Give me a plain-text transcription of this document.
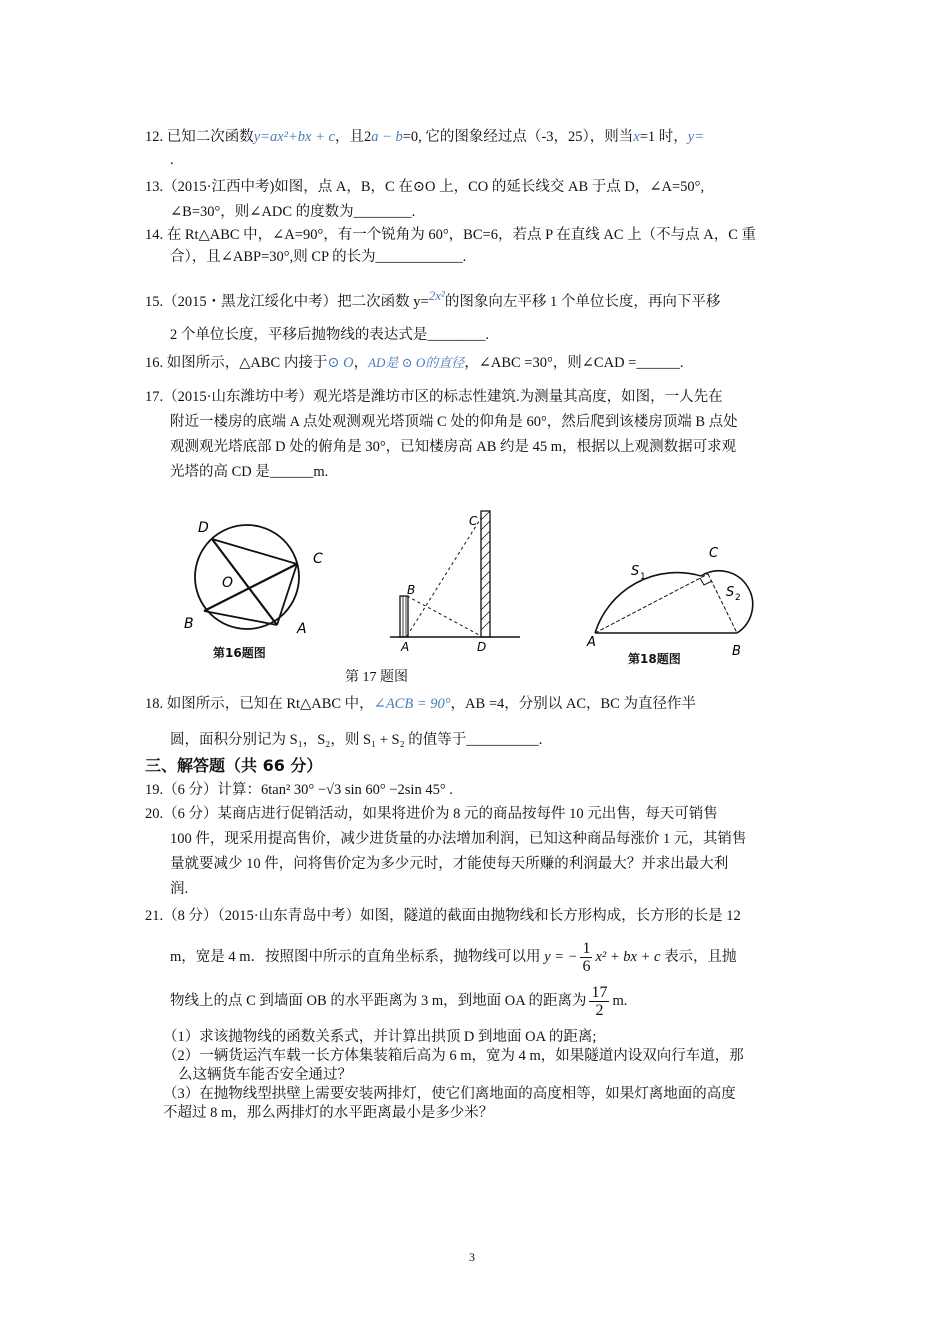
12. 已知二次函数y=ax²+bx + c，且2a − b=0, 它的图象经过点（-3，25），则当x=1 时，y=
.
13.（2015·江西中考)如图，点 A，B，C 在⊙O 上，CO 的延长线交 AB 于点 D，∠A=50°,
∠B=30°，则∠ADC 的度数为________.
14. 在 Rt△ABC 中，∠A=90°，有一个锐角为 60°，BC=6，若点 P 在直线 AC 上（不与点 A，C 重
合），且∠ABP=30°,则 CP 的长为____________.
15.（2015・黑龙江绥化中考）把二次函数 y=$^{2x^2}$的图象向左平移 1 个单位长度，再向下平移
2 个单位长度，平移后抛物线的表达式是________.
16. 如图所示，△ABC 内接于⊙ O，AD是 ⊙ O的直径，∠ABC =30°，则∠CAD =______.
17.（2015·山东潍坊中考）观光塔是潍坊市区的标志性建筑.为测量其高度，如图，一人先在
附近一楼房的底端 A 点处观测观光塔顶端 C 处的仰角是 60°，然后爬到该楼房顶端 B 点处
观测观光塔底部 D 处的俯角是 30°，已知楼房高 AB 约是 45 m，根据以上观测数据可求观
光塔的高 CD 是______m.
D
C
O
B	A
第16题图
C
B
A	D
第 17 题图
C
S 1
S 2
A
B
第18题图
18. 如图所示，已知在 Rt△ABC 中，∠ACB = 90°，AB =4，分别以 AC，BC 为直径作半
圆，面积分别记为 S₁，S₂，则 S₁ + S₂ 的值等于__________.
三、解答题（共 66 分）
19.（6 分）计算：6tan² 30° −√3 sin 60° −2sin 45° .
20.（6 分）某商店进行促销活动，如果将进价为 8 元的商品按每件 10 元出售，每天可销售
100 件，现采用提高售价，减少进货量的办法增加利润，已知这种商品每涨价 1 元，其销售
量就要减少 10 件，问将售价定为多少元时，才能使每天所赚的利润最大？并求出最大利
润.
21.（8 分）（2015·山东青岛中考）如图，隧道的截面由抛物线和长方形构成，长方形的长是 12
m，宽是 4 m．按照图中所示的直角坐标系，抛物线可以用 y = − $\frac{1}{6} x^2$ + bx + c 表示，且抛
物线上的点 C 到墙面 OB 的水平距离为 3 m，到地面 OA 的距离为 $\frac{17}{2} m$.
（1）求该抛物线的函数关系式，并计算出拱顶 D 到地面 OA 的距离;
（2）一辆货运汽车载一长方体集装箱后高为 6 m，宽为 4 m，如果隧道内设双向行车道，那
么这辆货车能否安全通过？
（3）在抛物线型拱壁上需要安装两排灯，使它们离地面的高度相等，如果灯离地面的高度
不超过 8 m，那么两排灯的水平距离最小是多少米？
3
